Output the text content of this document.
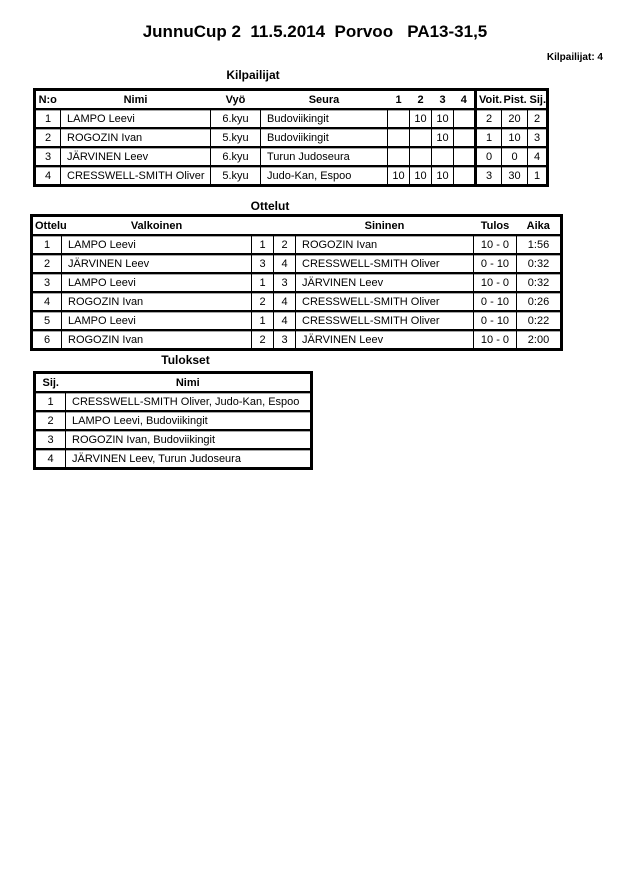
JunnuCup 2  11.5.2014  Porvoo   PA13-31,5
Kilpailijat: 4
Kilpailijat
N:o	Nimi	Vyö	Seura	1	2	3	4	Voit.	Pist.	Sij.
1	LAMPO Leevi	6.kyu	Budoviikingit		10	10		2	20	2
2	ROGOZIN Ivan	5.kyu	Budoviikingit			10		1	10	3
3	JÄRVINEN Leev	6.kyu	Turun Judoseura					0	0	4
4	CRESSWELL-SMITH Oliver	5.kyu	Judo-Kan, Espoo	10	10	10		3	30	1
Ottelut
Ottelu	Valkoinen			Sininen	Tulos	Aika
1	LAMPO Leevi	1	2	ROGOZIN Ivan	10 - 0	1:56
2	JÄRVINEN Leev	3	4	CRESSWELL-SMITH Oliver	0 - 10	0:32
3	LAMPO Leevi	1	3	JÄRVINEN Leev	10 - 0	0:32
4	ROGOZIN Ivan	2	4	CRESSWELL-SMITH Oliver	0 - 10	0:26
5	LAMPO Leevi	1	4	CRESSWELL-SMITH Oliver	0 - 10	0:22
6	ROGOZIN Ivan	2	3	JÄRVINEN Leev	10 - 0	2:00
Tulokset
Sij.	Nimi
1	CRESSWELL-SMITH Oliver, Judo-Kan, Espoo
2	LAMPO Leevi, Budoviikingit
3	ROGOZIN Ivan, Budoviikingit
4	JÄRVINEN Leev, Turun Judoseura
